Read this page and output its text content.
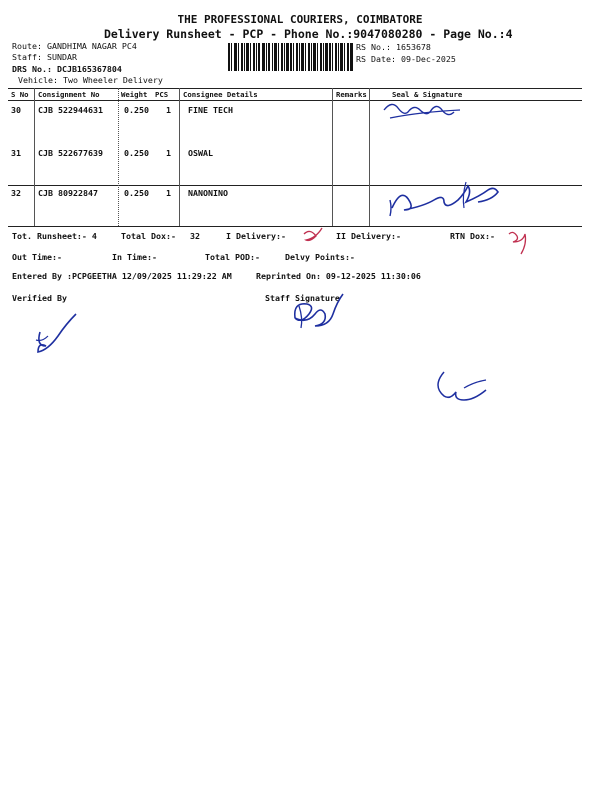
THE PROFESSIONAL COURIERS, COIMBATORE
Delivery Runsheet - PCP - Phone No.:9047080280 - Page No.:4
Route: GANDHIMA NAGAR PC4
Staff: SUNDAR
DRS No.: DCJB165367804
Vehicle: Two Wheeler Delivery
RS No.: 1653678
RS Date: 09-Dec-2025
S No Consignment No	Weight PCS Consignee Details	Remarks	Seal & Signature
30 CJB 522944631	0.250 1 FINE TECH
31 CJB 522677639	0.250 1 OSWAL
32 CJB 80922847	0.250 1 NANONINO
Tot. Runsheet:- 4	Total Dox:- 32	I Delivery:-	II Delivery:-	RTN Dox:-
Out Time:-	In Time:-	Total POD:-	Delvy Points:-
Entered By :PCPGEETHA 12/09/2025 11:29:22 AM	Reprinted On: 09-12-2025 11:30:06
Verified By	Staff Signature
P. Gunaseelan
9597726877
9500948409
